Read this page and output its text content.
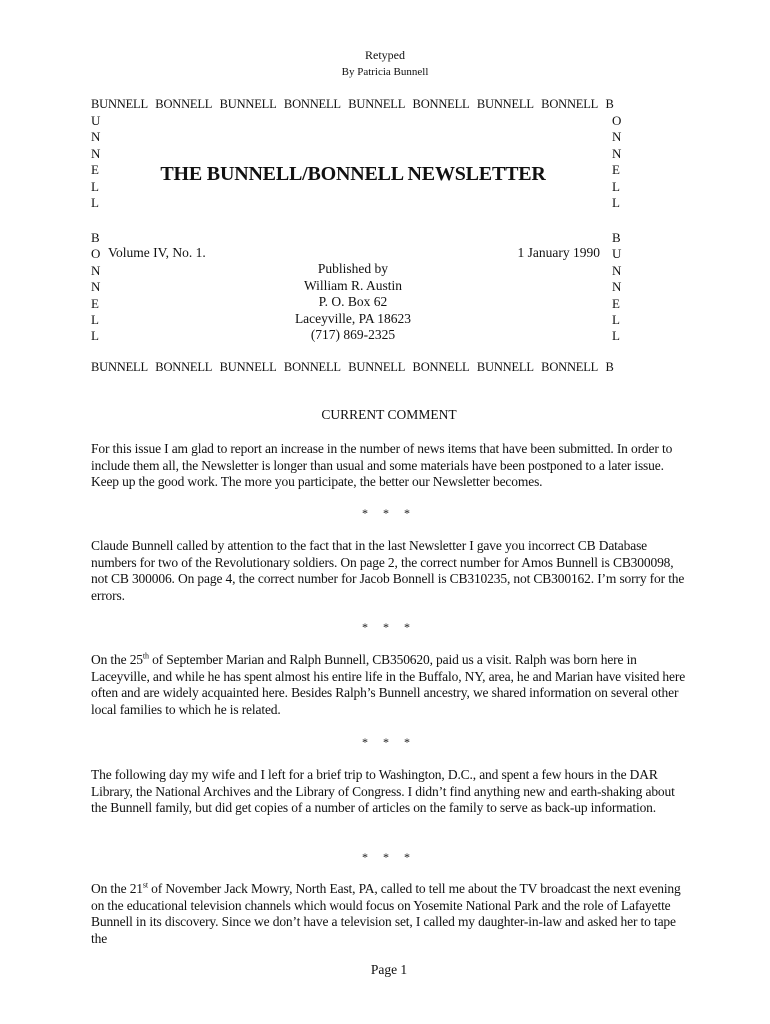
Retyped
By Patricia Bunnell
BUNNELL  BONNELL  BUNNELL  BONNELL  BUNNELL  BONNELL  BUNNELL  BONNELL  B
U
N
N
E
L
L
O
N
N
E
L
L
THE BUNNELL/BONNELL NEWSLETTER
B
O
N
N
E
L
L
B
U
N
N
E
L
L
Volume IV, No. 1.	1 January 1990
Published by
William R. Austin
P. O. Box 62
Laceyville, PA 18623
(717) 869-2325
BUNNELL  BONNELL  BUNNELL  BONNELL  BUNNELL  BONNELL  BUNNELL  BONNELL  B
CURRENT COMMENT
For this issue I am glad to report an increase in the number of news items that have been submitted. In order to include them all, the Newsletter is longer than usual and some materials have been postponed to a later issue. Keep up the good work. The more you participate, the better our Newsletter becomes.
* * *
Claude Bunnell called by attention to the fact that in the last Newsletter I gave you incorrect CB Database numbers for two of the Revolutionary soldiers. On page 2, the correct number for Amos Bunnell is CB300098, not CB 300006. On page 4, the correct number for Jacob Bonnell is CB310235, not CB300162. I’m sorry for the errors.
* * *
On the 25th of September Marian and Ralph Bunnell, CB350620, paid us a visit. Ralph was born here in Laceyville, and while he has spent almost his entire life in the Buffalo, NY, area, he and Marian have visited here often and are widely acquainted here. Besides Ralph’s Bunnell ancestry, we shared information on several other local families to which he is related.
* * *
The following day my wife and I left for a brief trip to Washington, D.C., and spent a few hours in the DAR Library, the National Archives and the Library of Congress. I didn’t find anything new and earth-shaking about the Bunnell family, but did get copies of a number of articles on the family to serve as back-up information.
* * *
On the 21st of November Jack Mowry, North East, PA, called to tell me about the TV broadcast the next evening on the educational television channels which would focus on Yosemite National Park and the role of Lafayette Bunnell in its discovery. Since we don’t have a television set, I called my daughter-in-law and asked her to tape the
Page 1
